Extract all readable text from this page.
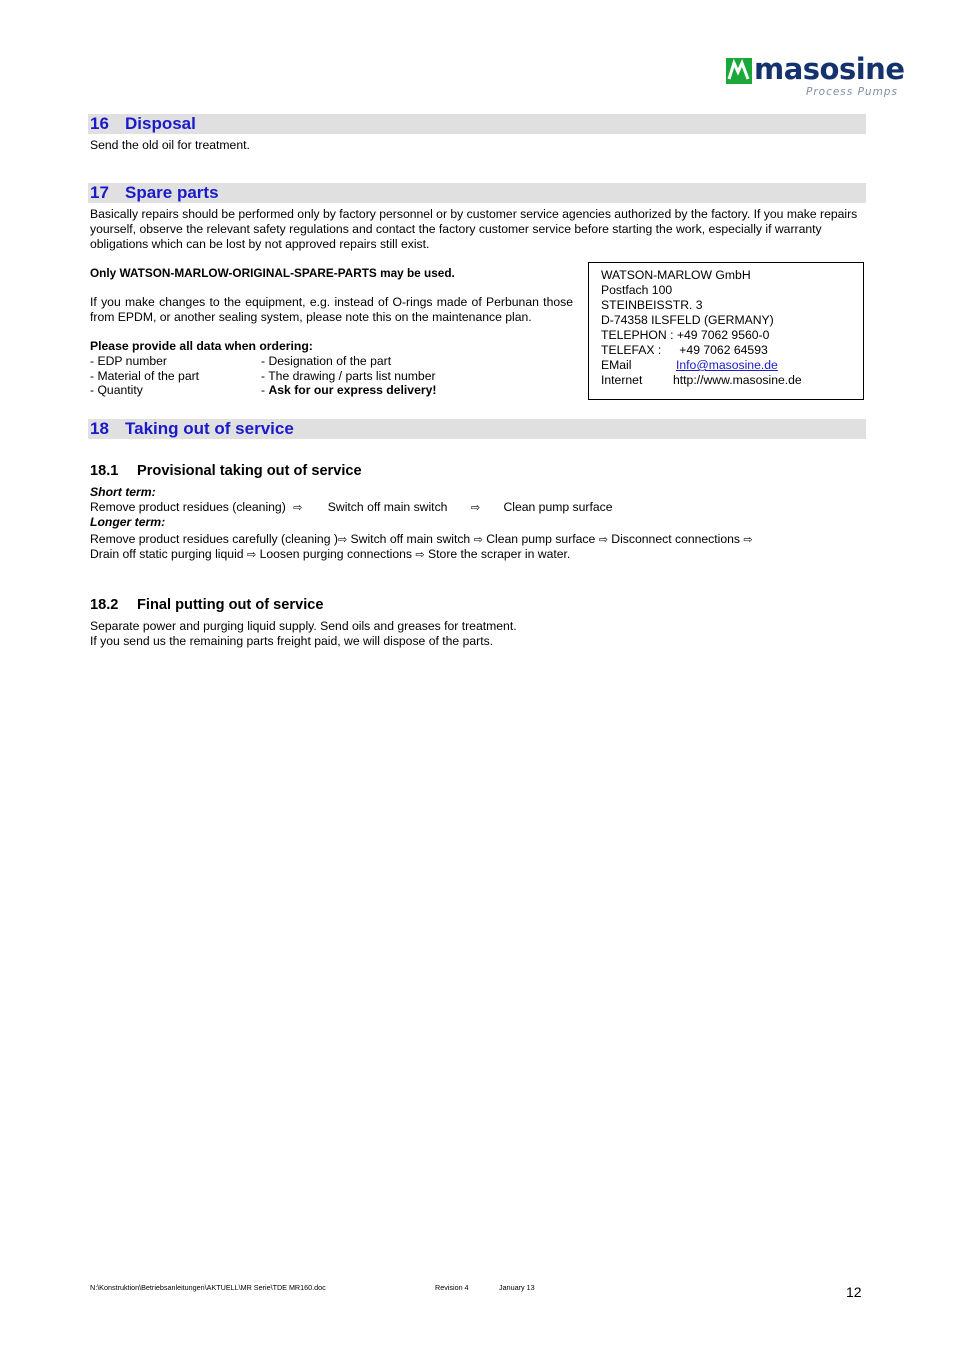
masosine
Process Pumps
16 Disposal
Send the old oil for treatment.
17 Spare parts
Basically repairs should be performed only by factory personnel or by customer service agencies authorized by the factory. If you make repairs yourself, observe the relevant safety regulations and contact the factory customer service before starting the work, especially if warranty obligations which can be lost by not approved repairs still exist.
Only WATSON-MARLOW-ORIGINAL-SPARE-PARTS may be used.
If you make changes to the equipment, e.g. instead of O-rings made of Perbunan those from EPDM, or another sealing system, please note this on the maintenance plan.
Please provide all data when ordering:
- EDP number
- Material of the part
- Quantity
- Designation of the part
- The drawing / parts list number
- Ask for our express delivery!
WATSON-MARLOW GmbH
Postfach 100
STEINBEISSTR. 3
D-74358 ILSFELD (GERMANY)
TELEPHON : +49 7062 9560-0
TELEFAX : +49 7062 64593
EMail	Info@masosine.de
Internet	http://www.masosine.de
18 Taking out of service
18.1 Provisional taking out of service
Short term:
Remove product residues (cleaning) ⇨ Switch off main switch ⇨ Clean pump surface
Longer term:
Remove product residues carefully (cleaning )⇨ Switch off main switch ⇨ Clean pump surface ⇨ Disconnect connections ⇨
Drain off static purging liquid ⇨ Loosen purging connections ⇨ Store the scraper in water.
18.2 Final putting out of service
Separate power and purging liquid supply. Send oils and greases for treatment.
If you send us the remaining parts freight paid, we will dispose of the parts.
N:\Konstruktion\Betriebsanleitungen\AKTUELL\MR Serie\TDE MR160.doc	Revision 4	January 13	12
